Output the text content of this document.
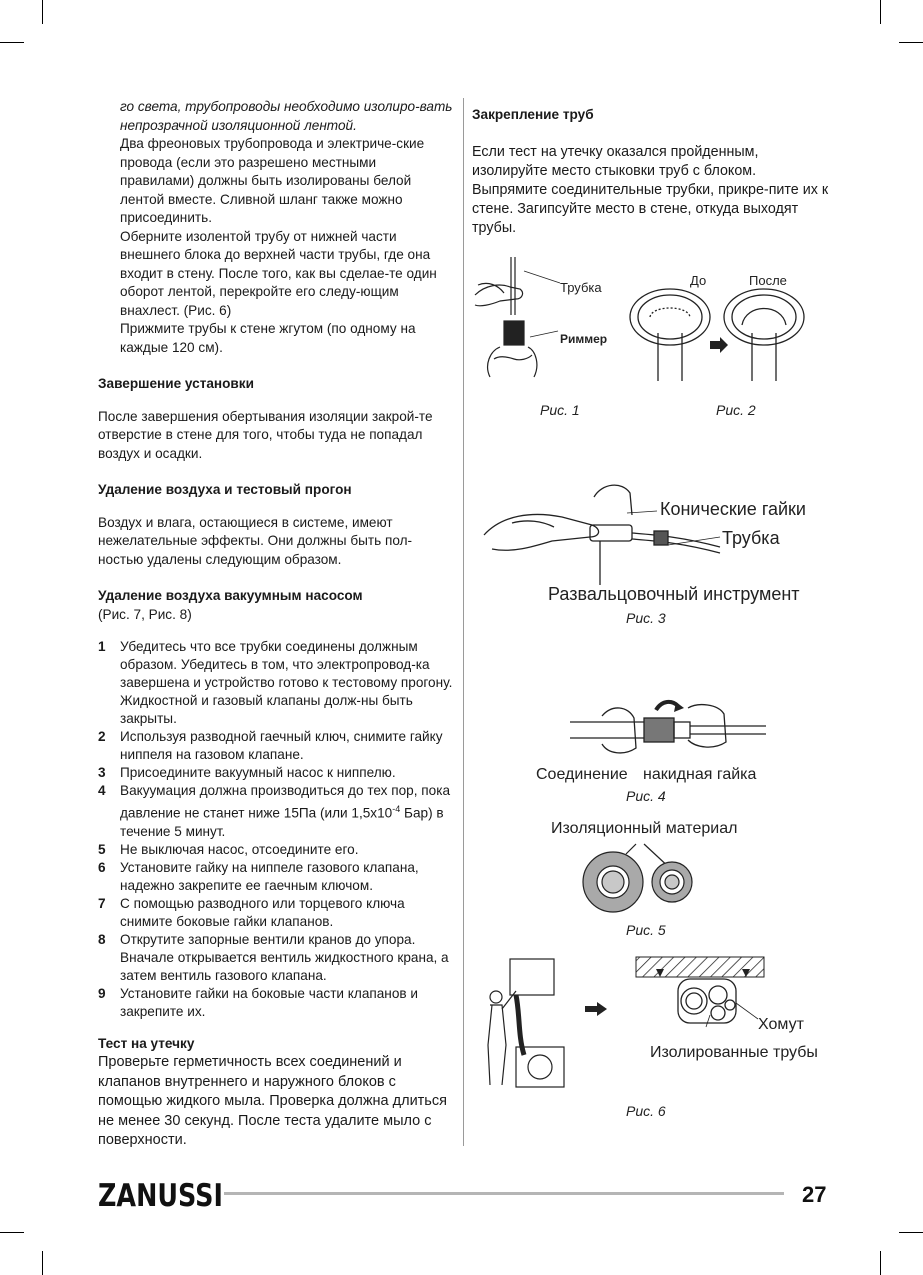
го света, трубопроводы необходимо изолиро-вать непрозрачной изоляционной лентой.

Два фреоновых трубопровода и электриче-ские провода (если это разрешено местными правилами) должны быть изолированы белой лентой вместе. Сливной шланг также можно присоединить.

Оберните изолентой трубу от нижней части внешнего блока до верхней части трубы, где она входит в стену. После того, как вы сделае-те один оборот лентой, перекройте его следу-ющим внахлест. (Рис. 6)

Прижмите трубы к стене жгутом (по одному на каждые 120 см).

Завершение установки

После завершения обертывания изоляции закрой-те отверстие в стене для того, чтобы туда не попадал воздух и осадки.

Удаление воздуха и тестовый прогон

Воздух и влага, остающиеся в системе, имеют нежелательные эффекты. Они должны быть пол-ностью удалены следующим образом.

Удаление воздуха вакуумным насосом

(Рис. 7, Рис. 8)

1	Убедитесь что все трубки соединены должным образом. Убедитесь в том, что электропровод-ка завершена и устройство готово к тестовому прогону. Жидкостной и газовый клапаны долж-ны быть закрыты.
2	Используя разводной гаечный ключ, снимите гайку ниппеля на газовом клапане.
3	Присоедините вакуумный насос к ниппелю.
4	Вакуумация должна производиться до тех пор, пока давление не станет ниже 15Па (или $1,5x10^{-4}$ Бар) в течение 5 минут.
5	Не выключая насос, отсоедините его.
6	Установите гайку на ниппеле газового клапана, надежно закрепите ее гаечным ключом.
7	С помощью разводного или торцевого ключа снимите боковые гайки клапанов.
8	Открутите запорные вентили кранов до упора. Вначале открывается вентиль жидкостного крана, а затем вентиль газового клапана.
9	Установите гайки на боковые части клапанов и закрепите их.
Тест на утечку

Проверьте герметичность всех соединений и клапанов внутреннего и наружного блоков с помощью жидкого мыла. Проверка должна длиться не менее 30 секунд. После теста удалите мыло с поверхности.

Закрепление труб

Если тест на утечку оказался пройденным, изолируйте место стыковки труб с блоком. Выпрямите соединительные трубки, прикре-пите их к стене. Загипсуйте место в стене, откуда выходят трубы.

Трубка
Риммер
Рис. 1
До	После
Рис. 2
Конические гайки
Трубка
Развальцовочный инструмент
Рис. 3
Соединение накидная гайка
Рис. 4
Изоляционный материал
Рис. 5
Хомут
Изолированные трубы
Рис. 6
ZANUSSI	27
